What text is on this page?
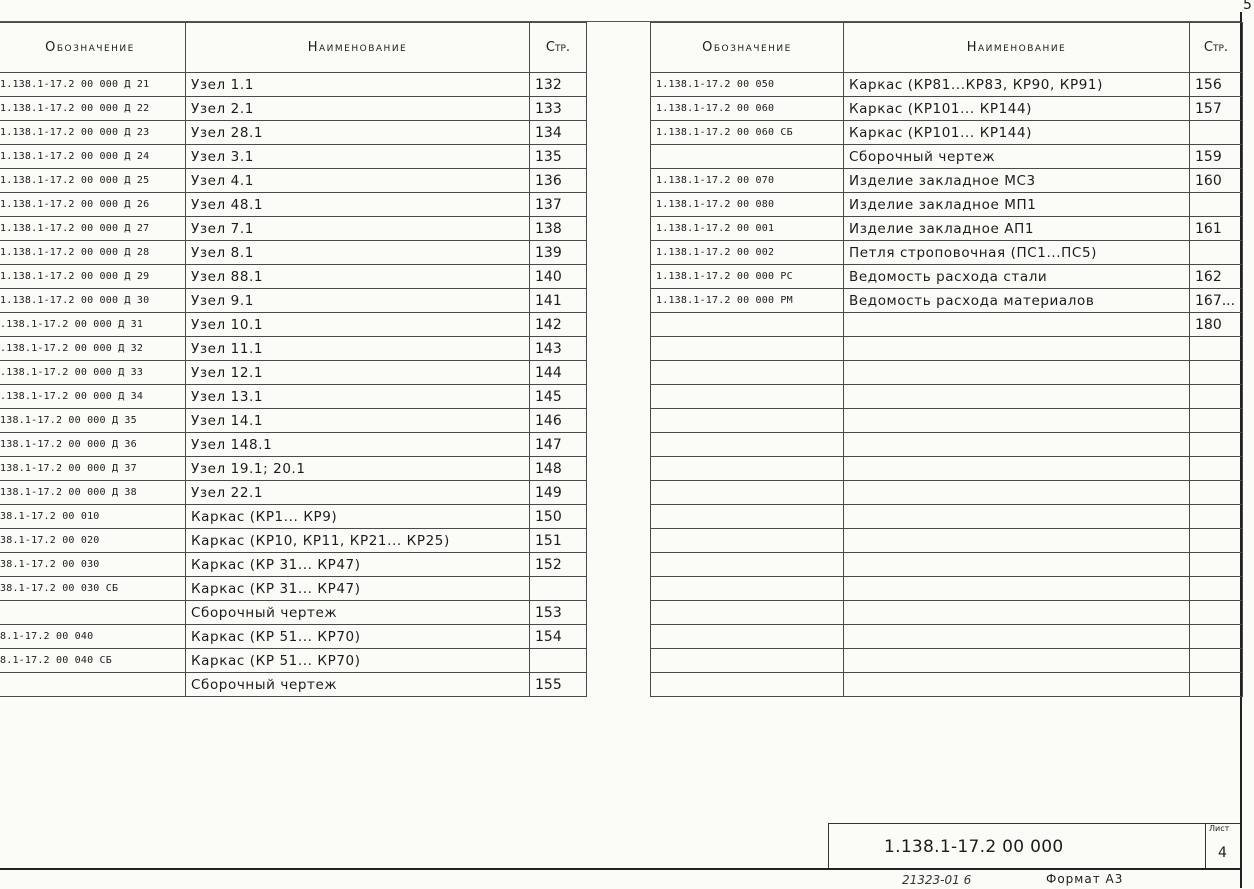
5
Обозначение	Наименование	Стр.
1.138.1-17.2 00 000 Д 21	Узел 1.1	132
1.138.1-17.2 00 000 Д 22	Узел 2.1	133
1.138.1-17.2 00 000 Д 23	Узел 28.1	134
1.138.1-17.2 00 000 Д 24	Узел 3.1	135
1.138.1-17.2 00 000 Д 25	Узел 4.1	136
1.138.1-17.2 00 000 Д 26	Узел 48.1	137
1.138.1-17.2 00 000 Д 27	Узел 7.1	138
1.138.1-17.2 00 000 Д 28	Узел 8.1	139
1.138.1-17.2 00 000 Д 29	Узел 88.1	140
1.138.1-17.2 00 000 Д 30	Узел 9.1	141
.138.1-17.2 00 000 Д 31	Узел 10.1	142
.138.1-17.2 00 000 Д 32	Узел 11.1	143
.138.1-17.2 00 000 Д 33	Узел 12.1	144
.138.1-17.2 00 000 Д 34	Узел 13.1	145
138.1-17.2 00 000 Д 35	Узел 14.1	146
138.1-17.2 00 000 Д 36	Узел 148.1	147
138.1-17.2 00 000 Д 37	Узел 19.1; 20.1	148
138.1-17.2 00 000 Д 38	Узел 22.1	149
38.1-17.2 00 010	Каркас (КР1... КР9)	150
38.1-17.2 00 020	Каркас (КР10, КР11, КР21... КР25)	151
38.1-17.2 00 030	Каркас (КР 31... КР47)	152
38.1-17.2 00 030 СБ	Каркас (КР 31... КР47)	
	Сборочный чертеж	153
8.1-17.2 00 040	Каркас (КР 51... КР70)	154
8.1-17.2 00 040 СБ	Каркас (КР 51... КР70)	
	Сборочный чертеж	155
Обозначение	Наименование	Стр.
1.138.1-17.2 00 050	Каркас (КР81...КР83, КР90, КР91)	156
1.138.1-17.2 00 060	Каркас (КР101... КР144)	157
1.138.1-17.2 00 060 СБ	Каркас (КР101... КР144)	
	Сборочный чертеж	159
1.138.1-17.2 00 070	Изделие закладное МС3	160
1.138.1-17.2 00 080	Изделие закладное МП1	
1.138.1-17.2 00 001	Изделие закладное АП1	161
1.138.1-17.2 00 002	Петля строповочная (ПС1...ПС5)	
1.138.1-17.2 00 000 РС	Ведомость расхода стали	162
1.138.1-17.2 00 000 РМ	Ведомость расхода материалов	167...
		180

1.138.1-17.2 00 000
Лист
4
21323-01 6	Формат А3
